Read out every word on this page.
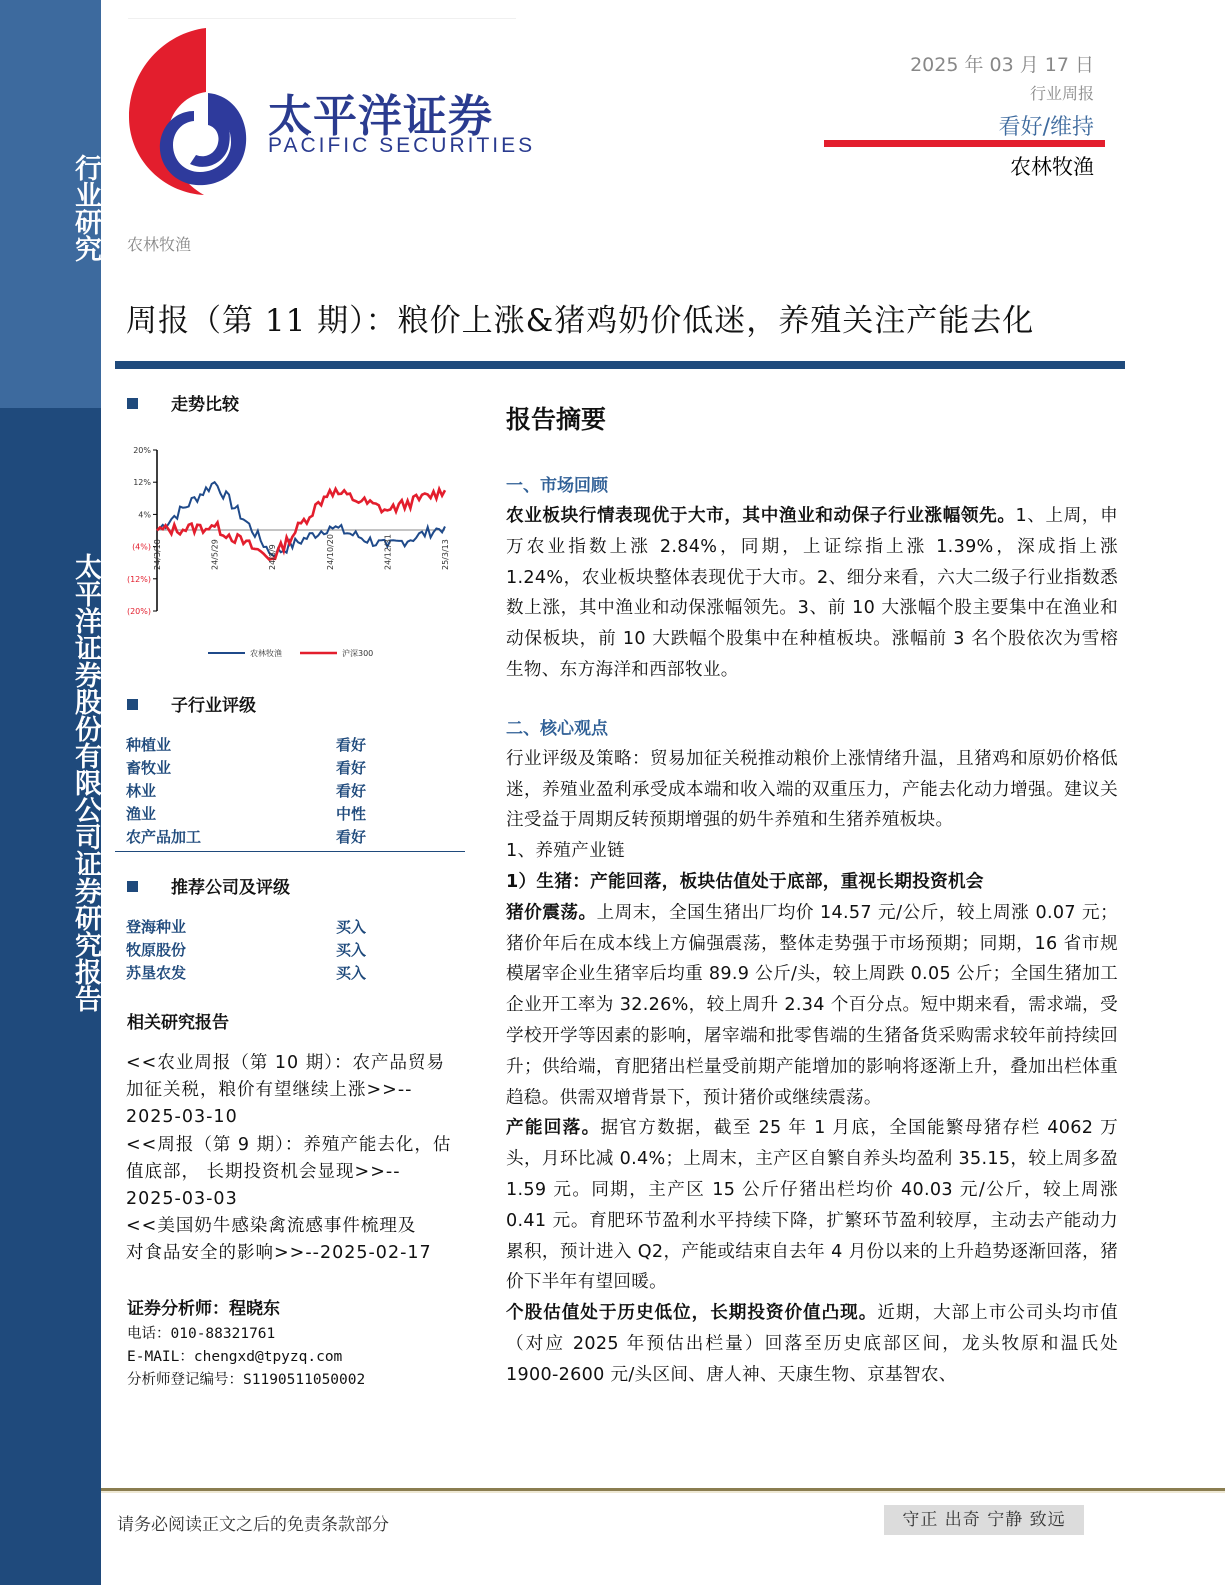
行业研究
太平洋证券股份有限公司证券研究报告
太平洋证券
PACIFIC SECURITIES
2025 年 03 月 17 日
行业周报
看好/维持
农林牧渔
农林牧渔
周报（第 11 期）：粮价上涨&猪鸡奶价低迷，养殖关注产能去化
走势比较
20%
12%
4%
(4%)
(12%)
(20%)
24/3/18	24/5/29	24/8/9	24/10/20	24/12/31	25/3/13
农林牧渔	沪深300
子行业评级
种植业	看好
畜牧业	看好
林业	看好
渔业	中性
农产品加工	看好
推荐公司及评级
登海种业	买入
牧原股份	买入
苏垦农发	买入
相关研究报告
<<农业周报（第 10 期）：农产品贸易
加征关税，粮价有望继续上涨>>--
2025-03-10
<<周报（第 9 期）：养殖产能去化，估
值底部， 长期投资机会显现>>--
2025-03-03
<<美国奶牛感染禽流感事件梳理及
对食品安全的影响>>--2025-02-17
证券分析师：程晓东
电话：010-88321761
E-MAIL：chengxd@tpyzq.com
分析师登记编号：S1190511050002
报告摘要
一、市场回顾
农业板块行情表现优于大市，其中渔业和动保子行业涨幅领先。1、上周，申万农业指数上涨 2.84%，同期，上证综指上涨 1.39%，深成指上涨 1.24%，农业板块整体表现优于大市。2、细分来看，六大二级子行业指数悉数上涨，其中渔业和动保涨幅领先。3、前 10 大涨幅个股主要集中在渔业和动保板块，前 10 大跌幅个股集中在种植板块。涨幅前 3 名个股依次为雪榕生物、东方海洋和西部牧业。
二、核心观点
行业评级及策略：贸易加征关税推动粮价上涨情绪升温，且猪鸡和原奶价格低迷，养殖业盈利承受成本端和收入端的双重压力，产能去化动力增强。建议关注受益于周期反转预期增强的奶牛养殖和生猪养殖板块。
1、养殖产业链
1）生猪：产能回落，板块估值处于底部，重视长期投资机会
猪价震荡。上周末，全国生猪出厂均价 14.57 元/公斤，较上周涨 0.07 元；猪价年后在成本线上方偏强震荡，整体走势强于市场预期；同期，16 省市规模屠宰企业生猪宰后均重 89.9 公斤/头，较上周跌 0.05 公斤；全国生猪加工企业开工率为 32.26%，较上周升 2.34 个百分点。短中期来看，需求端，受学校开学等因素的影响，屠宰端和批零售端的生猪备货采购需求较年前持续回升；供给端，育肥猪出栏量受前期产能增加的影响将逐渐上升，叠加出栏体重趋稳。供需双增背景下，预计猪价或继续震荡。
产能回落。据官方数据，截至 25 年 1 月底，全国能繁母猪存栏 4062 万头，月环比减 0.4%；上周末，主产区自繁自养头均盈利 35.15，较上周多盈 1.59 元。同期，主产区 15 公斤仔猪出栏均价 40.03 元/公斤，较上周涨 0.41 元。育肥环节盈利水平持续下降，扩繁环节盈利较厚，主动去产能动力累积，预计进入 Q2，产能或结束自去年 4 月份以来的上升趋势逐渐回落，猪价下半年有望回暖。
个股估值处于历史低位，长期投资价值凸现。近期，大部上市公司头均市值（对应 2025 年预估出栏量）回落至历史底部区间，龙头牧原和温氏处 1900-2600 元/头区间、唐人神、天康生物、京基智农、
请务必阅读正文之后的免责条款部分	守正 出奇 宁静 致远
